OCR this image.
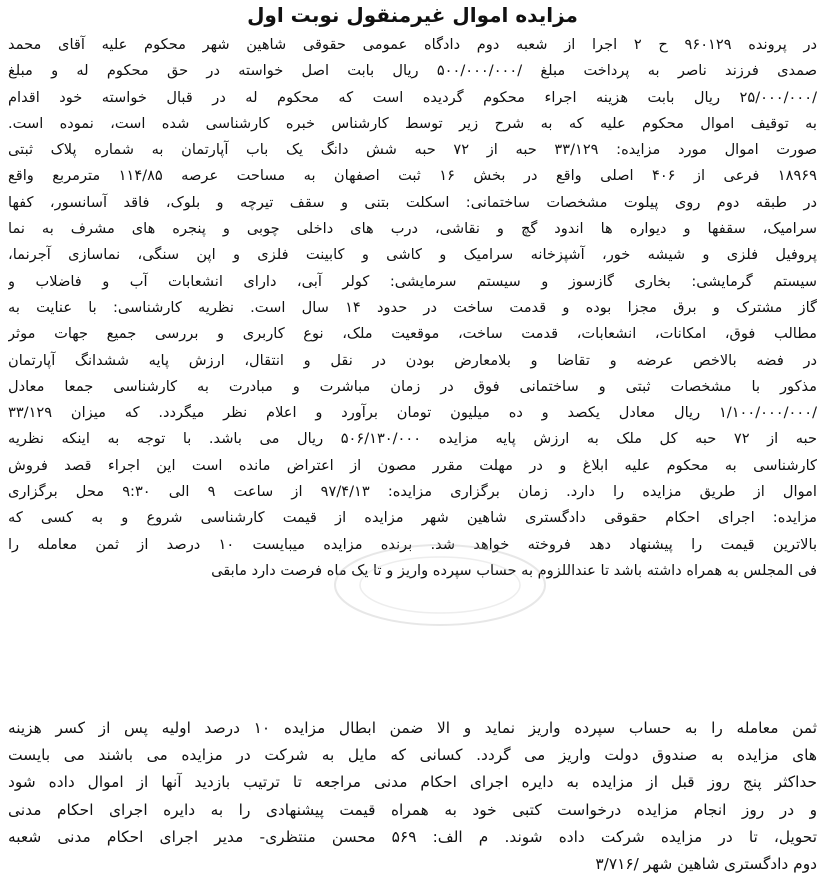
مزایده اموال غیرمنقول نوبت اول
در پرونده ۹۶۰۱۲۹ ح ۲ اجرا از شعبه دوم دادگاه عمومی حقوقی شاهین شهر محکوم علیه آقای محمد
صمدی فرزند ناصر به پرداخت مبلغ /۵۰۰/۰۰۰/۰۰۰ ریال بابت اصل خواسته در حق محکوم له و مبلغ
/۲۵/۰۰۰/۰۰۰ ریال بابت هزینه اجراء محکوم گردیده است که محکوم له در قبال خواسته خود اقدام
به توقیف اموال محکوم علیه که به شرح زیر توسط کارشناس خبره کارشناسی شده است، نموده است.
صورت اموال مورد مزایده: ۳۳/۱۲۹ حبه از ۷۲ حبه شش دانگ یک باب آپارتمان به شماره پلاک ثبتی
۱۸۹۶۹ فرعی از ۴۰۶ اصلی واقع در بخش ۱۶ ثبت اصفهان به مساحت عرصه ۱۱۴/۸۵ مترمربع واقع
در طبقه دوم روی پیلوت مشخصات ساختمانی: اسکلت بتنی و سقف تیرچه و بلوک، فاقد آسانسور، کفها
سرامیک، سقفها و دیواره ها اندود گچ و نقاشی، درب های داخلی چوبی و پنجره های مشرف به نما
پروفیل فلزی و شیشه خور، آشپزخانه سرامیک و کاشی و کابینت فلزی و اپن سنگی، نماسازی آجرنما،
سیستم گرمایشی: بخاری گازسوز و سیستم سرمایشی: کولر آبی، دارای انشعابات آب و فاضلاب و
گاز مشترک و برق مجزا بوده و قدمت ساخت در حدود ۱۴ سال است. نظریه کارشناسی: با عنایت به
مطالب فوق، امکانات، انشعابات، قدمت ساخت، موقعیت ملک، نوع کاربری و بررسی جمیع جهات موثر
در فضه بالاخص عرضه و تقاضا و بلامعارض بودن در نقل و انتقال، ارزش پایه ششدانگ آپارتمان
مذکور با مشخصات ثبتی و ساختمانی فوق در زمان مباشرت و مبادرت به کارشناسی جمعا معادل
/۱/۱۰۰/۰۰۰/۰۰۰ ریال معادل یکصد و ده میلیون تومان برآورد و اعلام نظر میگردد. که میزان ۳۳/۱۲۹
حبه از ۷۲ حبه کل ملک به ارزش پایه مزایده ۵۰۶/۱۳۰/۰۰۰ ریال می باشد. با توجه به اینکه نظریه
کارشناسی به محکوم علیه ابلاغ و در مهلت مقرر مصون از اعتراض مانده است این اجراء قصد فروش
اموال از طریق مزایده را دارد. زمان برگزاری مزایده: ۹۷/۴/۱۳ از ساعت ۹ الی ۹:۳۰ محل برگزاری
مزایده: اجرای احکام حقوقی دادگستری شاهین شهر مزایده از قیمت کارشناسی شروع و به کسی که
بالاترین قیمت را پیشنهاد دهد فروخته خواهد شد. برنده مزایده میبایست ۱۰ درصد از ثمن معامله را
فی المجلس به همراه داشته باشد تا عنداللزوم به حساب سپرده واریز و تا یک ماه فرصت دارد مابقی
ثمن معامله را به حساب سپرده واریز نماید و الا ضمن ابطال مزایده ۱۰ درصد اولیه پس از کسر هزینه
های مزایده به صندوق دولت واریز می گردد. کسانی که مایل به شرکت در مزایده می باشند می بایست
حداکثر پنج روز قبل از مزایده به دایره اجرای احکام مدنی مراجعه تا ترتیب بازدید آنها از اموال داده شود
و در روز انجام مزایده درخواست کتبی خود به همراه قیمت پیشنهادی را به دایره اجرای احکام مدنی
تحویل، تا در مزایده شرکت داده شوند. م الف: ۵۶۹ محسن منتظری- مدیر اجرای احکام مدنی شعبه
دوم دادگستری شاهین شهر /۳/۷۱۶
